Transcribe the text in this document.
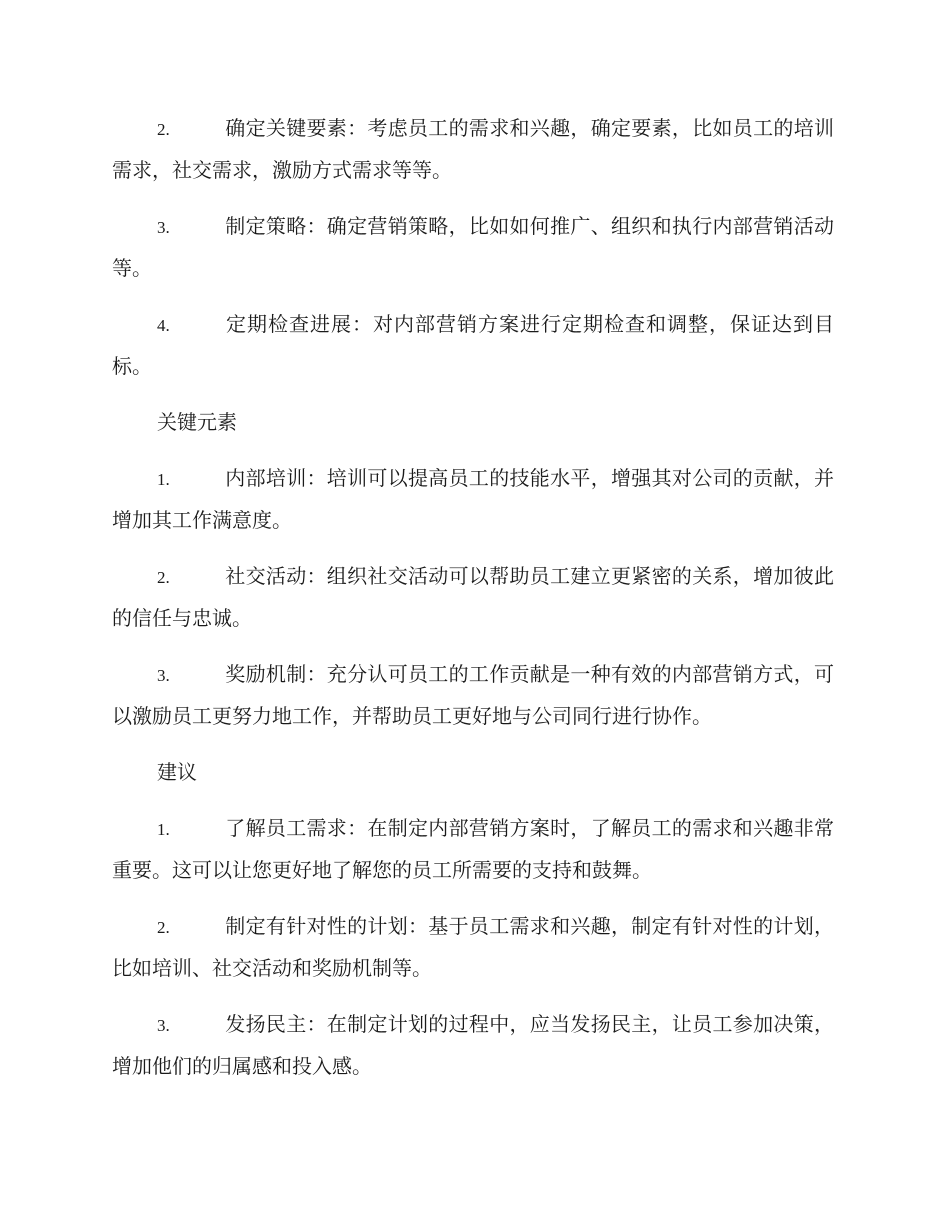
2.	确定关键要素：考虑员工的需求和兴趣，确定要素，比如员工的培训需求，社交需求，激励方式需求等等。
3.	制定策略：确定营销策略，比如如何推广、组织和执行内部营销活动等。
4.	定期检查进展：对内部营销方案进行定期检查和调整，保证达到目标。
关键元素
1.	内部培训：培训可以提高员工的技能水平，增强其对公司的贡献，并增加其工作满意度。
2.	社交活动：组织社交活动可以帮助员工建立更紧密的关系，增加彼此的信任与忠诚。
3.	奖励机制：充分认可员工的工作贡献是一种有效的内部营销方式，可以激励员工更努力地工作，并帮助员工更好地与公司同行进行协作。
建议
1.	了解员工需求：在制定内部营销方案时，了解员工的需求和兴趣非常重要。这可以让您更好地了解您的员工所需要的支持和鼓舞。
2.	制定有针对性的计划：基于员工需求和兴趣，制定有针对性的计划，比如培训、社交活动和奖励机制等。
3.	发扬民主：在制定计划的过程中，应当发扬民主，让员工参加决策，增加他们的归属感和投入感。
